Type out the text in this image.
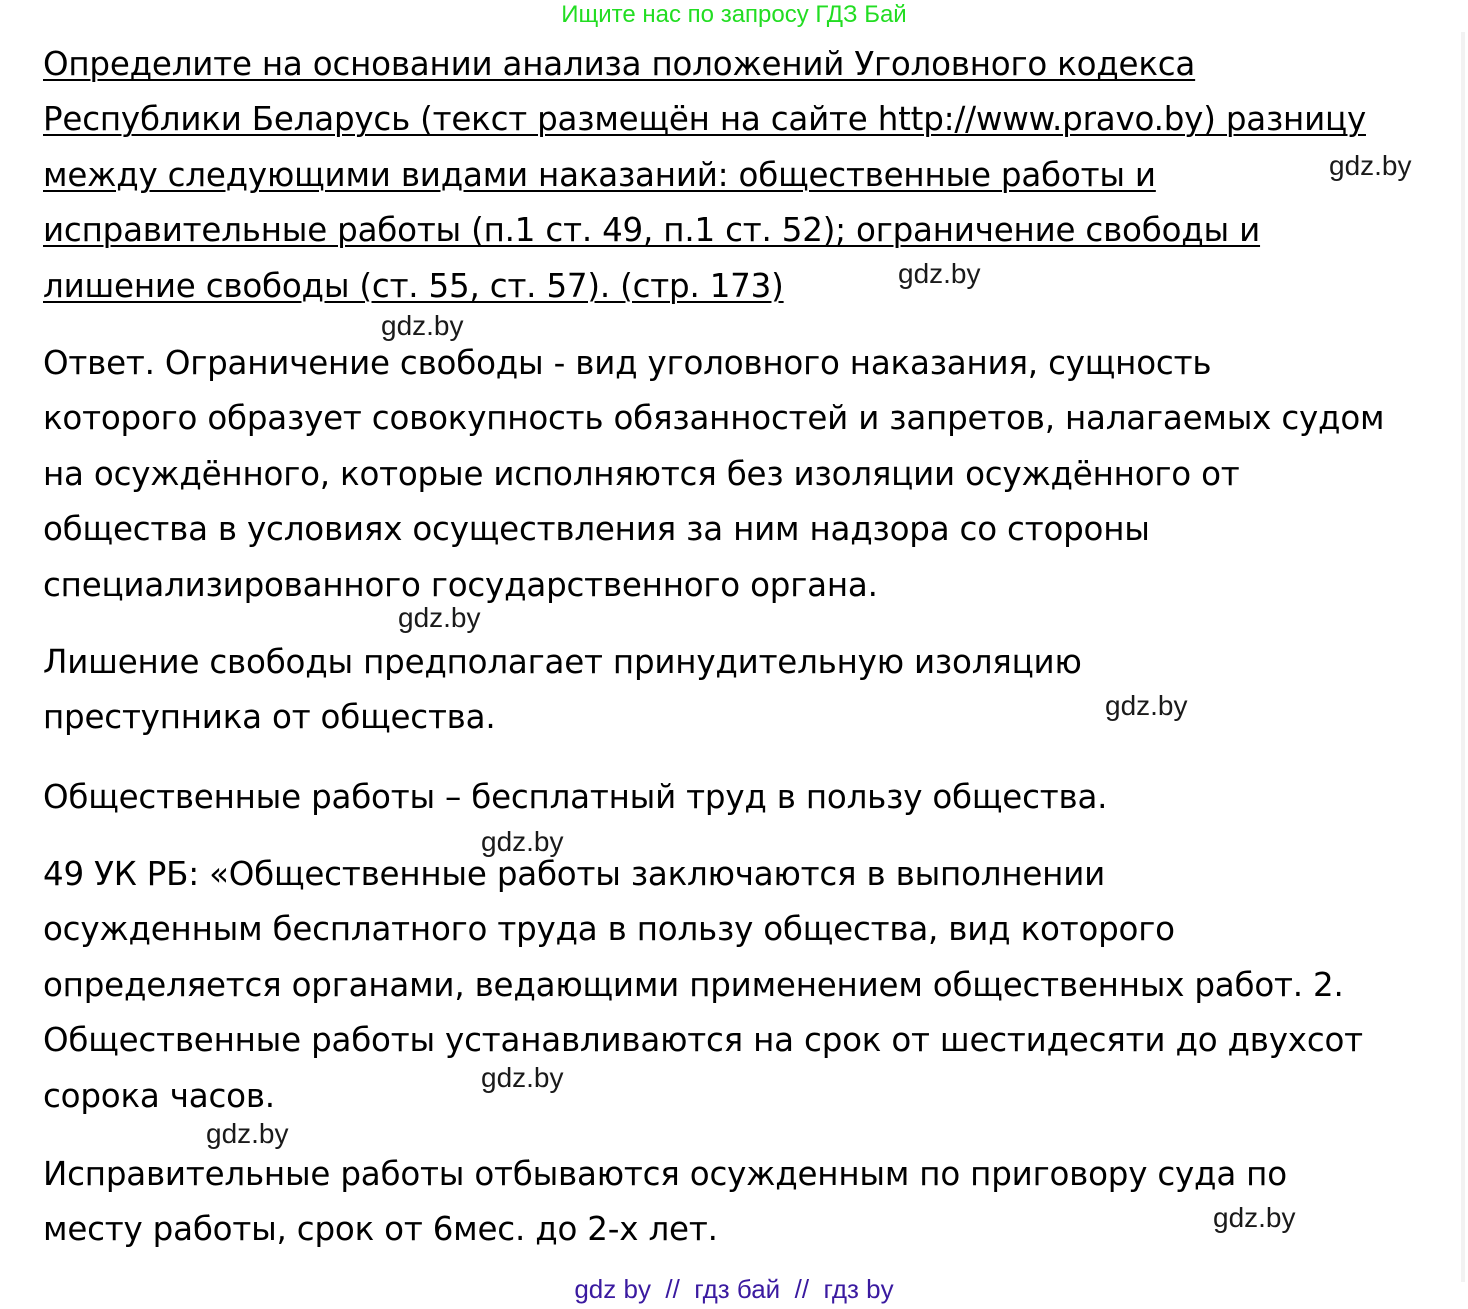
Ищите нас по запросу ГДЗ Бай

Определите на основании анализа положений Уголовного кодекса
Республики Беларусь (текст размещён на сайте http://www.pravo.by) разницу
между следующими видами наказаний: общественные работы и
исправительные работы (п.1 ст. 49, п.1 ст. 52); ограничение свободы и
лишение свободы (ст. 55, ст. 57). (стр. 173)

Ответ. Ограничение свободы - вид уголовного наказания, сущность
которого образует совокупность обязанностей и запретов, налагаемых судом
на осуждённого, которые исполняются без изоляции осуждённого от
общества в условиях осуществления за ним надзора со стороны
специализированного государственного органа.

Лишение свободы предполагает принудительную изоляцию
преступника от общества.

Общественные работы – бесплатный труд в пользу общества.

49 УК РБ: «Общественные работы заключаются в выполнении
осужденным бесплатного труда в пользу общества, вид которого
определяется органами, ведающими применением общественных работ. 2.
Общественные работы устанавливаются на срок от шестидесяти до двухсот
сорока часов.

Исправительные работы отбываются осужденным по приговору суда по
месту работы, срок от 6мес. до 2-х лет.

gdz.by
gdz.by
gdz.by
gdz.by
gdz.by
gdz.by
gdz.by
gdz.by
gdz.by
gdz by  //  гдз бай  //  гдз by
